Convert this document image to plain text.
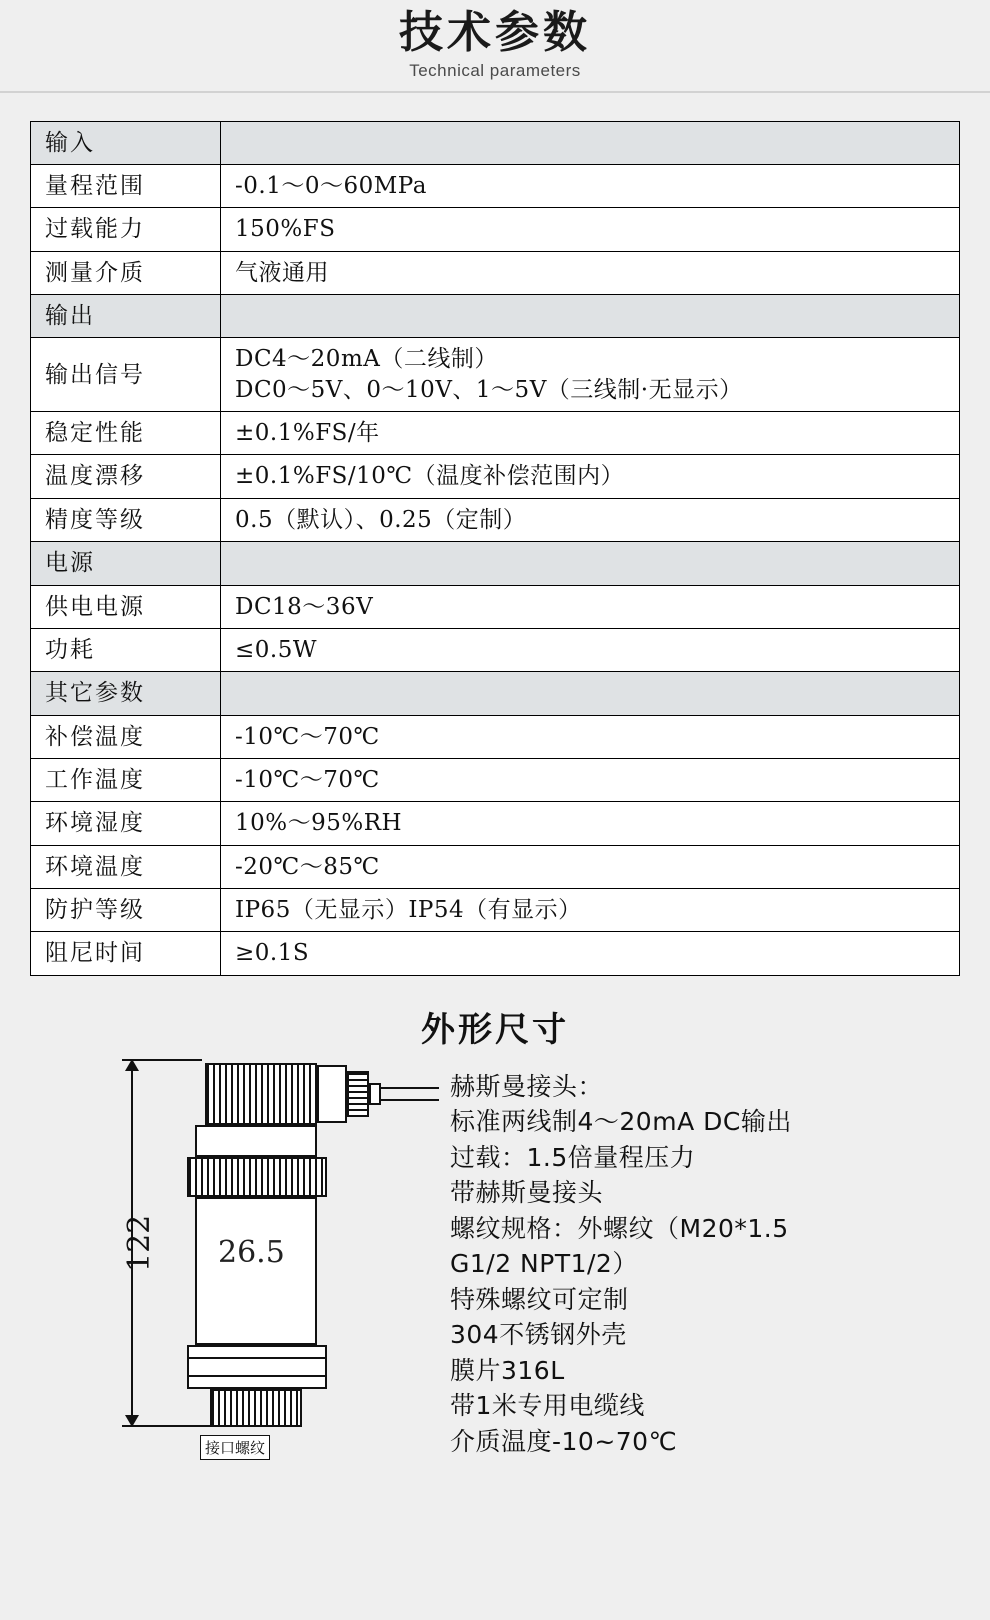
技术参数
Technical parameters
输入	
量程范围	-0.1～0～60MPa

过载能力	150%FS

测量介质	气液通用

输出	
输出信号	DC4～20mA（二线制）
DC0～5V、0～10V、1～5V（三线制·无显示）

稳定性能	±0.1%FS/年

温度漂移	±0.1%FS/10℃（温度补偿范围内）

精度等级	0.5（默认）、0.25（定制）

电源	
供电电源	DC18～36V

功耗	≤0.5W

其它参数	
补偿温度	-10℃～70℃

工作温度	-10℃～70℃

环境湿度	10%～95%RH

环境温度	-20℃～85℃

防护等级	IP65（无显示）IP54（有显示）

阻尼时间	≥0.1S
外形尺寸
122 26.5
接口螺纹
赫斯曼接头：
标准两线制4～20mA DC输出
过载：1.5倍量程压力
带赫斯曼接头
螺纹规格：外螺纹（M20*1.5
G1/2 NPT1/2）
特殊螺纹可定制
304不锈钢外壳
膜片316L
带1米专用电缆线
介质温度-10~70℃
